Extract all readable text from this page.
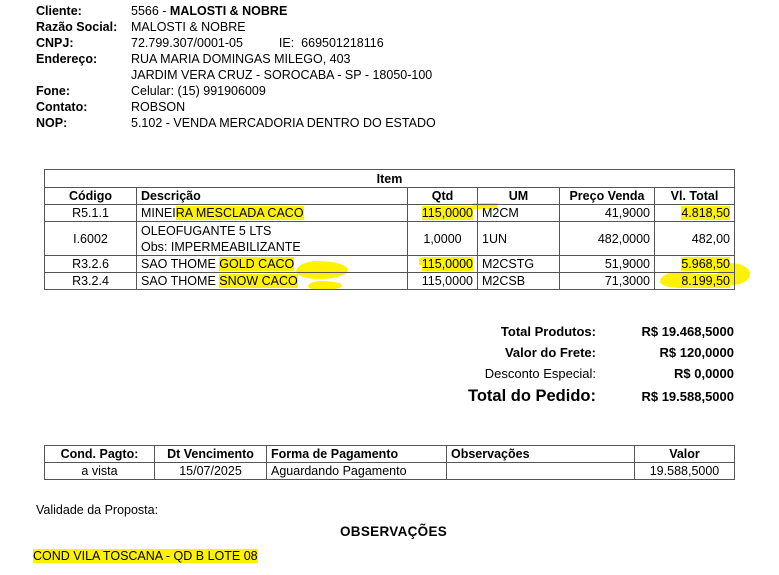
Cliente:	5566 - MALOSTI & NOBRE
Razão Social:	MALOSTI & NOBRE
CNPJ:	72.799.307/0001-05	IE: 669501218116
Endereço:	RUA MARIA DOMINGAS MILEGO, 403
JARDIM VERA CRUZ - SOROCABA - SP - 18050-100
Fone:	Celular: (15) 991906009
Contato:	ROBSON
NOP:	5.102 - VENDA MERCADORIA DENTRO DO ESTADO
Item					
Código	Descrição	Qtd	UM	Preço Venda	Vl. Total
R5.1.1	MINEIRA MESCLADA CACO	115,0000	M2CM	41,9000	4.818,50
I.6002	OLEOFUGANTE 5 LTS
Obs: IMPERMEABILIZANTE	1,0000	1UN	482,0000	482,00
R3.2.6	SAO THOME GOLD CACO	115,0000	M2CSTG	51,9000	5.968,50
R3.2.4	SAO THOME SNOW CACO	115,0000	M2CSB	71,3000	8.199,50
Total Produtos:	R$ 19.468,5000
Valor do Frete:	R$ 120,0000
Desconto Especial:	R$ 0,0000
Total do Pedido:	R$ 19.588,5000
Cond. Pagto:	Dt Vencimento	Forma de Pagamento	Observações	Valor
a vista	15/07/2025	Aguardando Pagamento		19.588,5000
Validade da Proposta:
OBSERVAÇÕES
COND VILA TOSCANA - QD B LOTE 08
